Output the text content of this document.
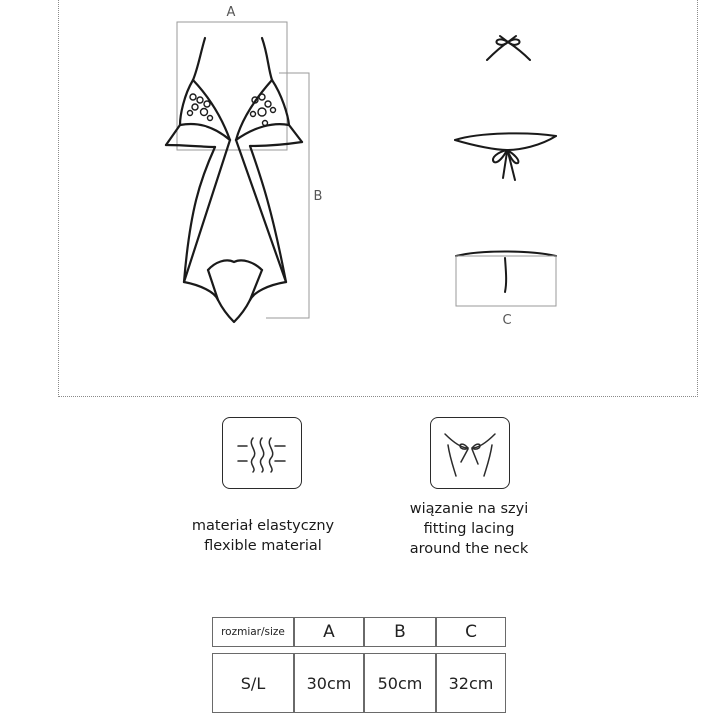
A
B
C
materiał elastyczny
flexible material
wiązanie na szyi
fitting lacing
around the neck
rozmiar/size	A	B	C

S/L	30cm	50cm	32cm
